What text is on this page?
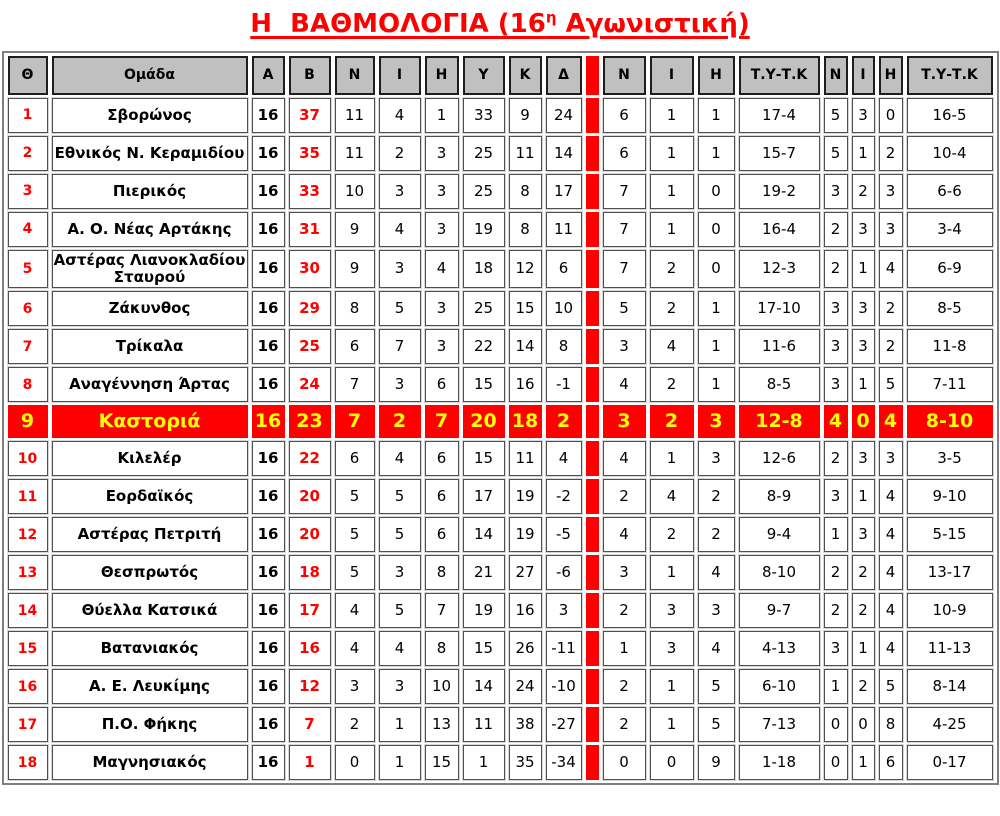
Η  ΒΑΘΜΟΛΟΓΙΑ ($16^\eta$ Αγωνιστική)
Θ	Ομάδα	Α	Β	Ν	Ι	Η	Υ	Κ	Δ		Ν	Ι	Η	Τ.Υ-Τ.Κ	Ν	Ι	Η	Τ.Υ-Τ.Κ
1	Σβορώνος	16	37	11	4	1	33	9	24		6	1	1	17-4	5	3	0	16-5
2	Εθνικός Ν. Κεραμιδίου	16	35	11	2	3	25	11	14		6	1	1	15-7	5	1	2	10-4
3	Πιερικός	16	33	10	3	3	25	8	17		7	1	0	19-2	3	2	3	6-6
4	Α. Ο. Νέας Αρτάκης	16	31	9	4	3	19	8	11		7	1	0	16-4	2	3	3	3-4
5	Αστέρας Λιανοκλαδίου Σταυρού	16	30	9	3	4	18	12	6		7	2	0	12-3	2	1	4	6-9
6	Ζάκυνθος	16	29	8	5	3	25	15	10		5	2	1	17-10	3	3	2	8-5
7	Τρίκαλα	16	25	6	7	3	22	14	8		3	4	1	11-6	3	3	2	11-8
8	Αναγέννηση Άρτας	16	24	7	3	6	15	16	-1		4	2	1	8-5	3	1	5	7-11
9	Καστοριά	16	23	7	2	7	20	18	2		3	2	3	12-8	4	0	4	8-10
10	Κιλελέρ	16	22	6	4	6	15	11	4		4	1	3	12-6	2	3	3	3-5
11	Εορδαϊκός	16	20	5	5	6	17	19	-2		2	4	2	8-9	3	1	4	9-10
12	Αστέρας Πετριτή	16	20	5	5	6	14	19	-5		4	2	2	9-4	1	3	4	5-15
13	Θεσπρωτός	16	18	5	3	8	21	27	-6		3	1	4	8-10	2	2	4	13-17
14	Θύελλα Κατσικά	16	17	4	5	7	19	16	3		2	3	3	9-7	2	2	4	10-9
15	Βατανιακός	16	16	4	4	8	15	26	-11		1	3	4	4-13	3	1	4	11-13
16	Α. Ε. Λευκίμης	16	12	3	3	10	14	24	-10		2	1	5	6-10	1	2	5	8-14
17	Π.Ο. Φήκης	16	7	2	1	13	11	38	-27		2	1	5	7-13	0	0	8	4-25
18	Μαγνησιακός	16	1	0	1	15	1	35	-34		0	0	9	1-18	0	1	6	0-17
